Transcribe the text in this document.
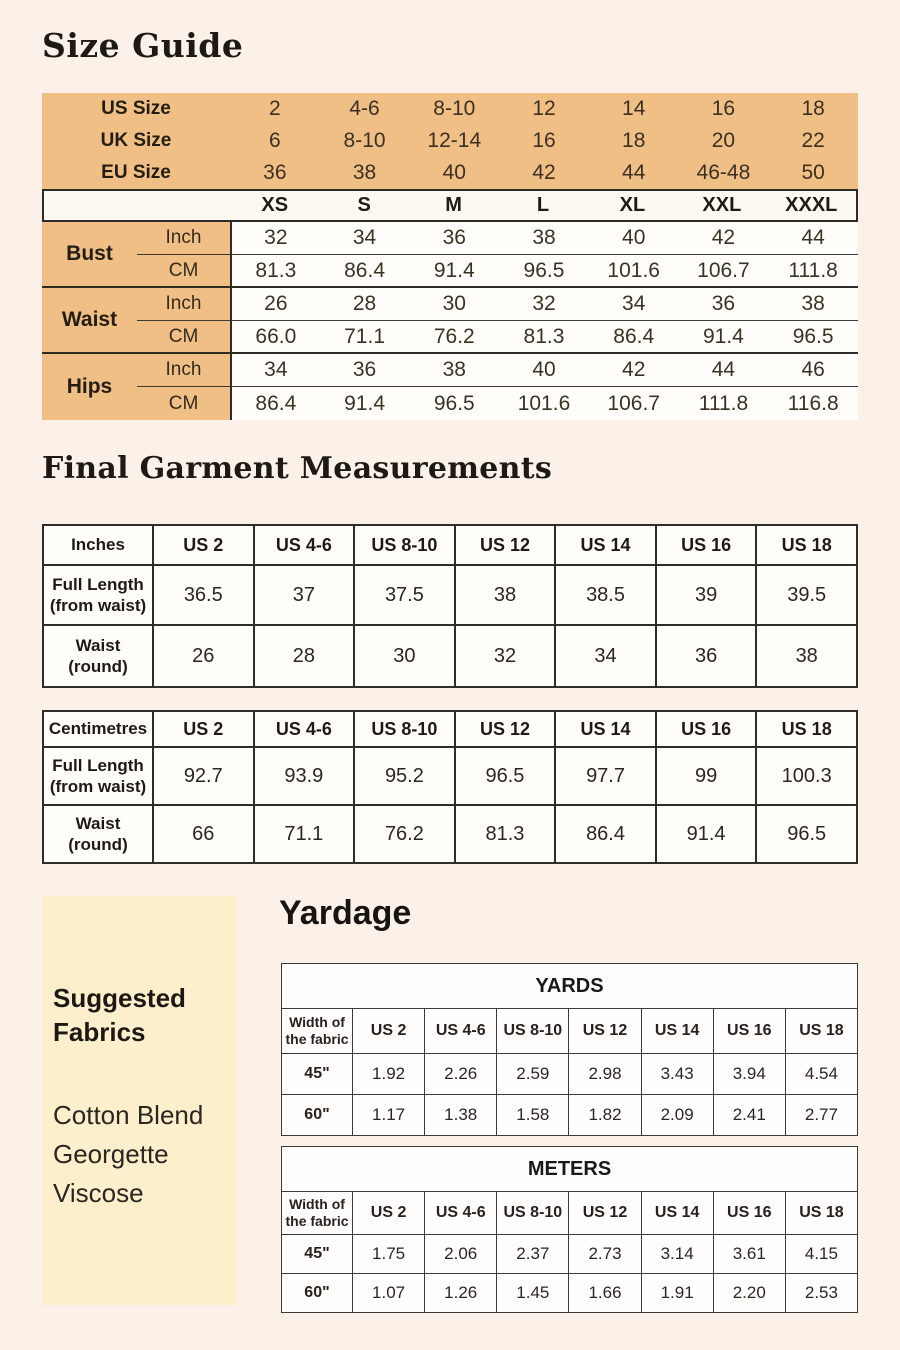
Size Guide
US Size	2	4-6	8-10	12	14	16	18
UK Size	6	8-10	12-14	16	18	20	22
EU Size	36	38	40	42	44	46-48	50
XS	S	M	L	XL	XXL	XXXL
Bust
Inch	32	34	36	38	40	42	44
CM	81.3	86.4	91.4	96.5	101.6	106.7	111.8
Waist
Inch	26	28	30	32	34	36	38
CM	66.0	71.1	76.2	81.3	86.4	91.4	96.5
Hips
Inch	34	36	38	40	42	44	46
CM	86.4	91.4	96.5	101.6	106.7	111.8	116.8
Final Garment Measurements
Inches	US 2	US 4-6	US 8-10	US 12	US 14	US 16	US 18
Full Length (from waist)	36.5	37	37.5	38	38.5	39	39.5
Waist (round)	26	28	30	32	34	36	38
Centimetres	US 2	US 4-6	US 8-10	US 12	US 14	US 16	US 18
Full Length (from waist)	92.7	93.9	95.2	96.5	97.7	99	100.3
Waist (round)	66	71.1	76.2	81.3	86.4	91.4	96.5
Suggested Fabrics
Cotton Blend
Georgette
Viscose
Yardage
YARDS							
Width of the fabric	US 2	US 4-6	US 8-10	US 12	US 14	US 16	US 18
45"	1.92	2.26	2.59	2.98	3.43	3.94	4.54
60"	1.17	1.38	1.58	1.82	2.09	2.41	2.77
METERS							
Width of the fabric	US 2	US 4-6	US 8-10	US 12	US 14	US 16	US 18
45"	1.75	2.06	2.37	2.73	3.14	3.61	4.15
60"	1.07	1.26	1.45	1.66	1.91	2.20	2.53
